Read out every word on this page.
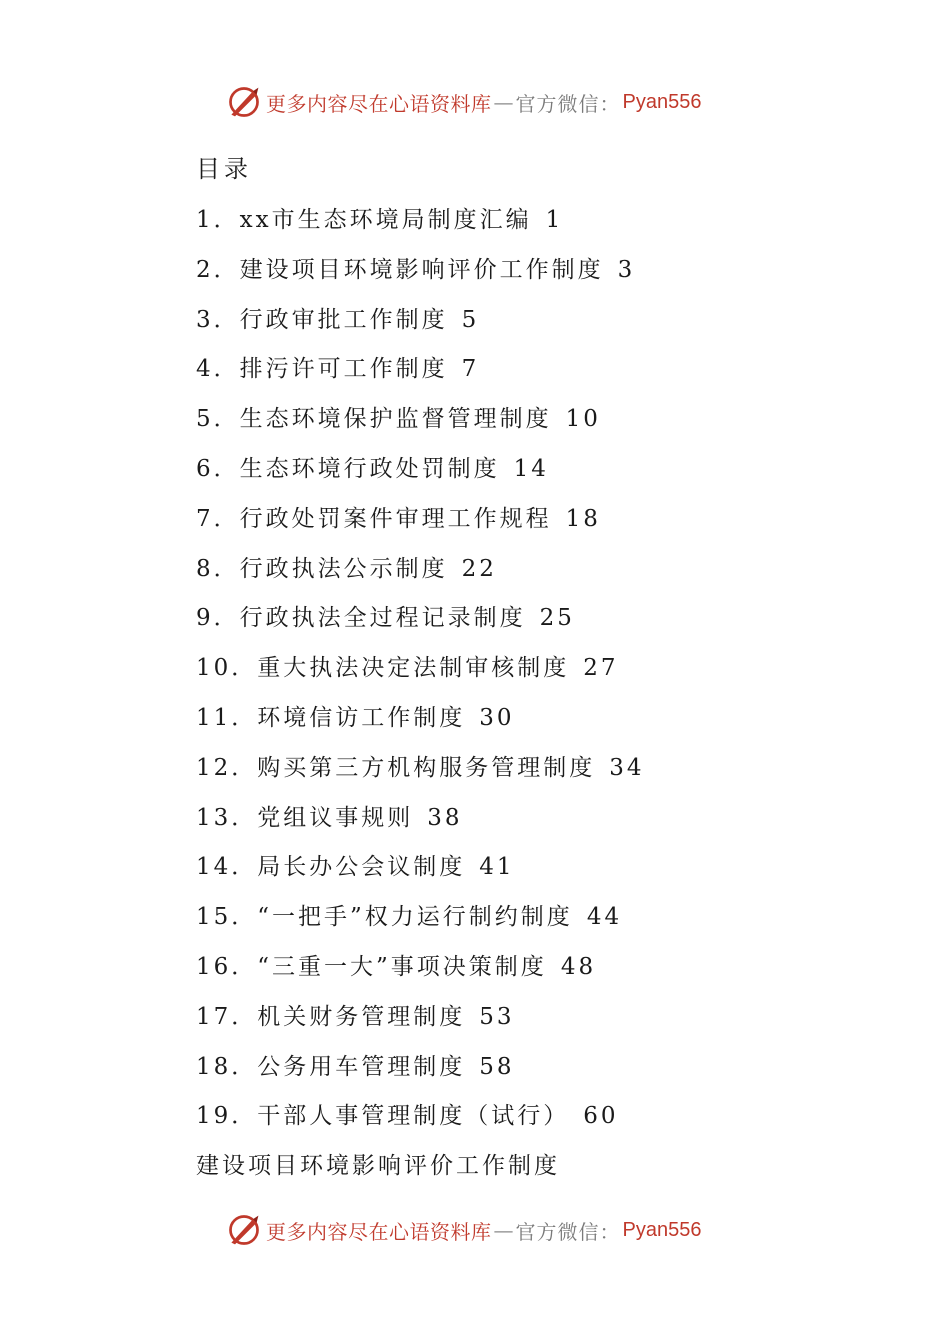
更多内容尽在心语资料库 — 官方微信： Pyan556
目录
1．xx市生态环境局制度汇编 1
2．建设项目环境影响评价工作制度 3
3．行政审批工作制度 5
4．排污许可工作制度 7
5．生态环境保护监督管理制度 10
6．生态环境行政处罚制度 14
7．行政处罚案件审理工作规程 18
8．行政执法公示制度 22
9．行政执法全过程记录制度 25
10．重大执法决定法制审核制度 27
11．环境信访工作制度 30
12．购买第三方机构服务管理制度 34
13．党组议事规则 38
14．局长办公会议制度 41
15．“一把手”权力运行制约制度 44
16．“三重一大”事项决策制度 48
17．机关财务管理制度 53
18．公务用车管理制度 58
19．干部人事管理制度（试行） 60
建设项目环境影响评价工作制度
更多内容尽在心语资料库 — 官方微信： Pyan556
